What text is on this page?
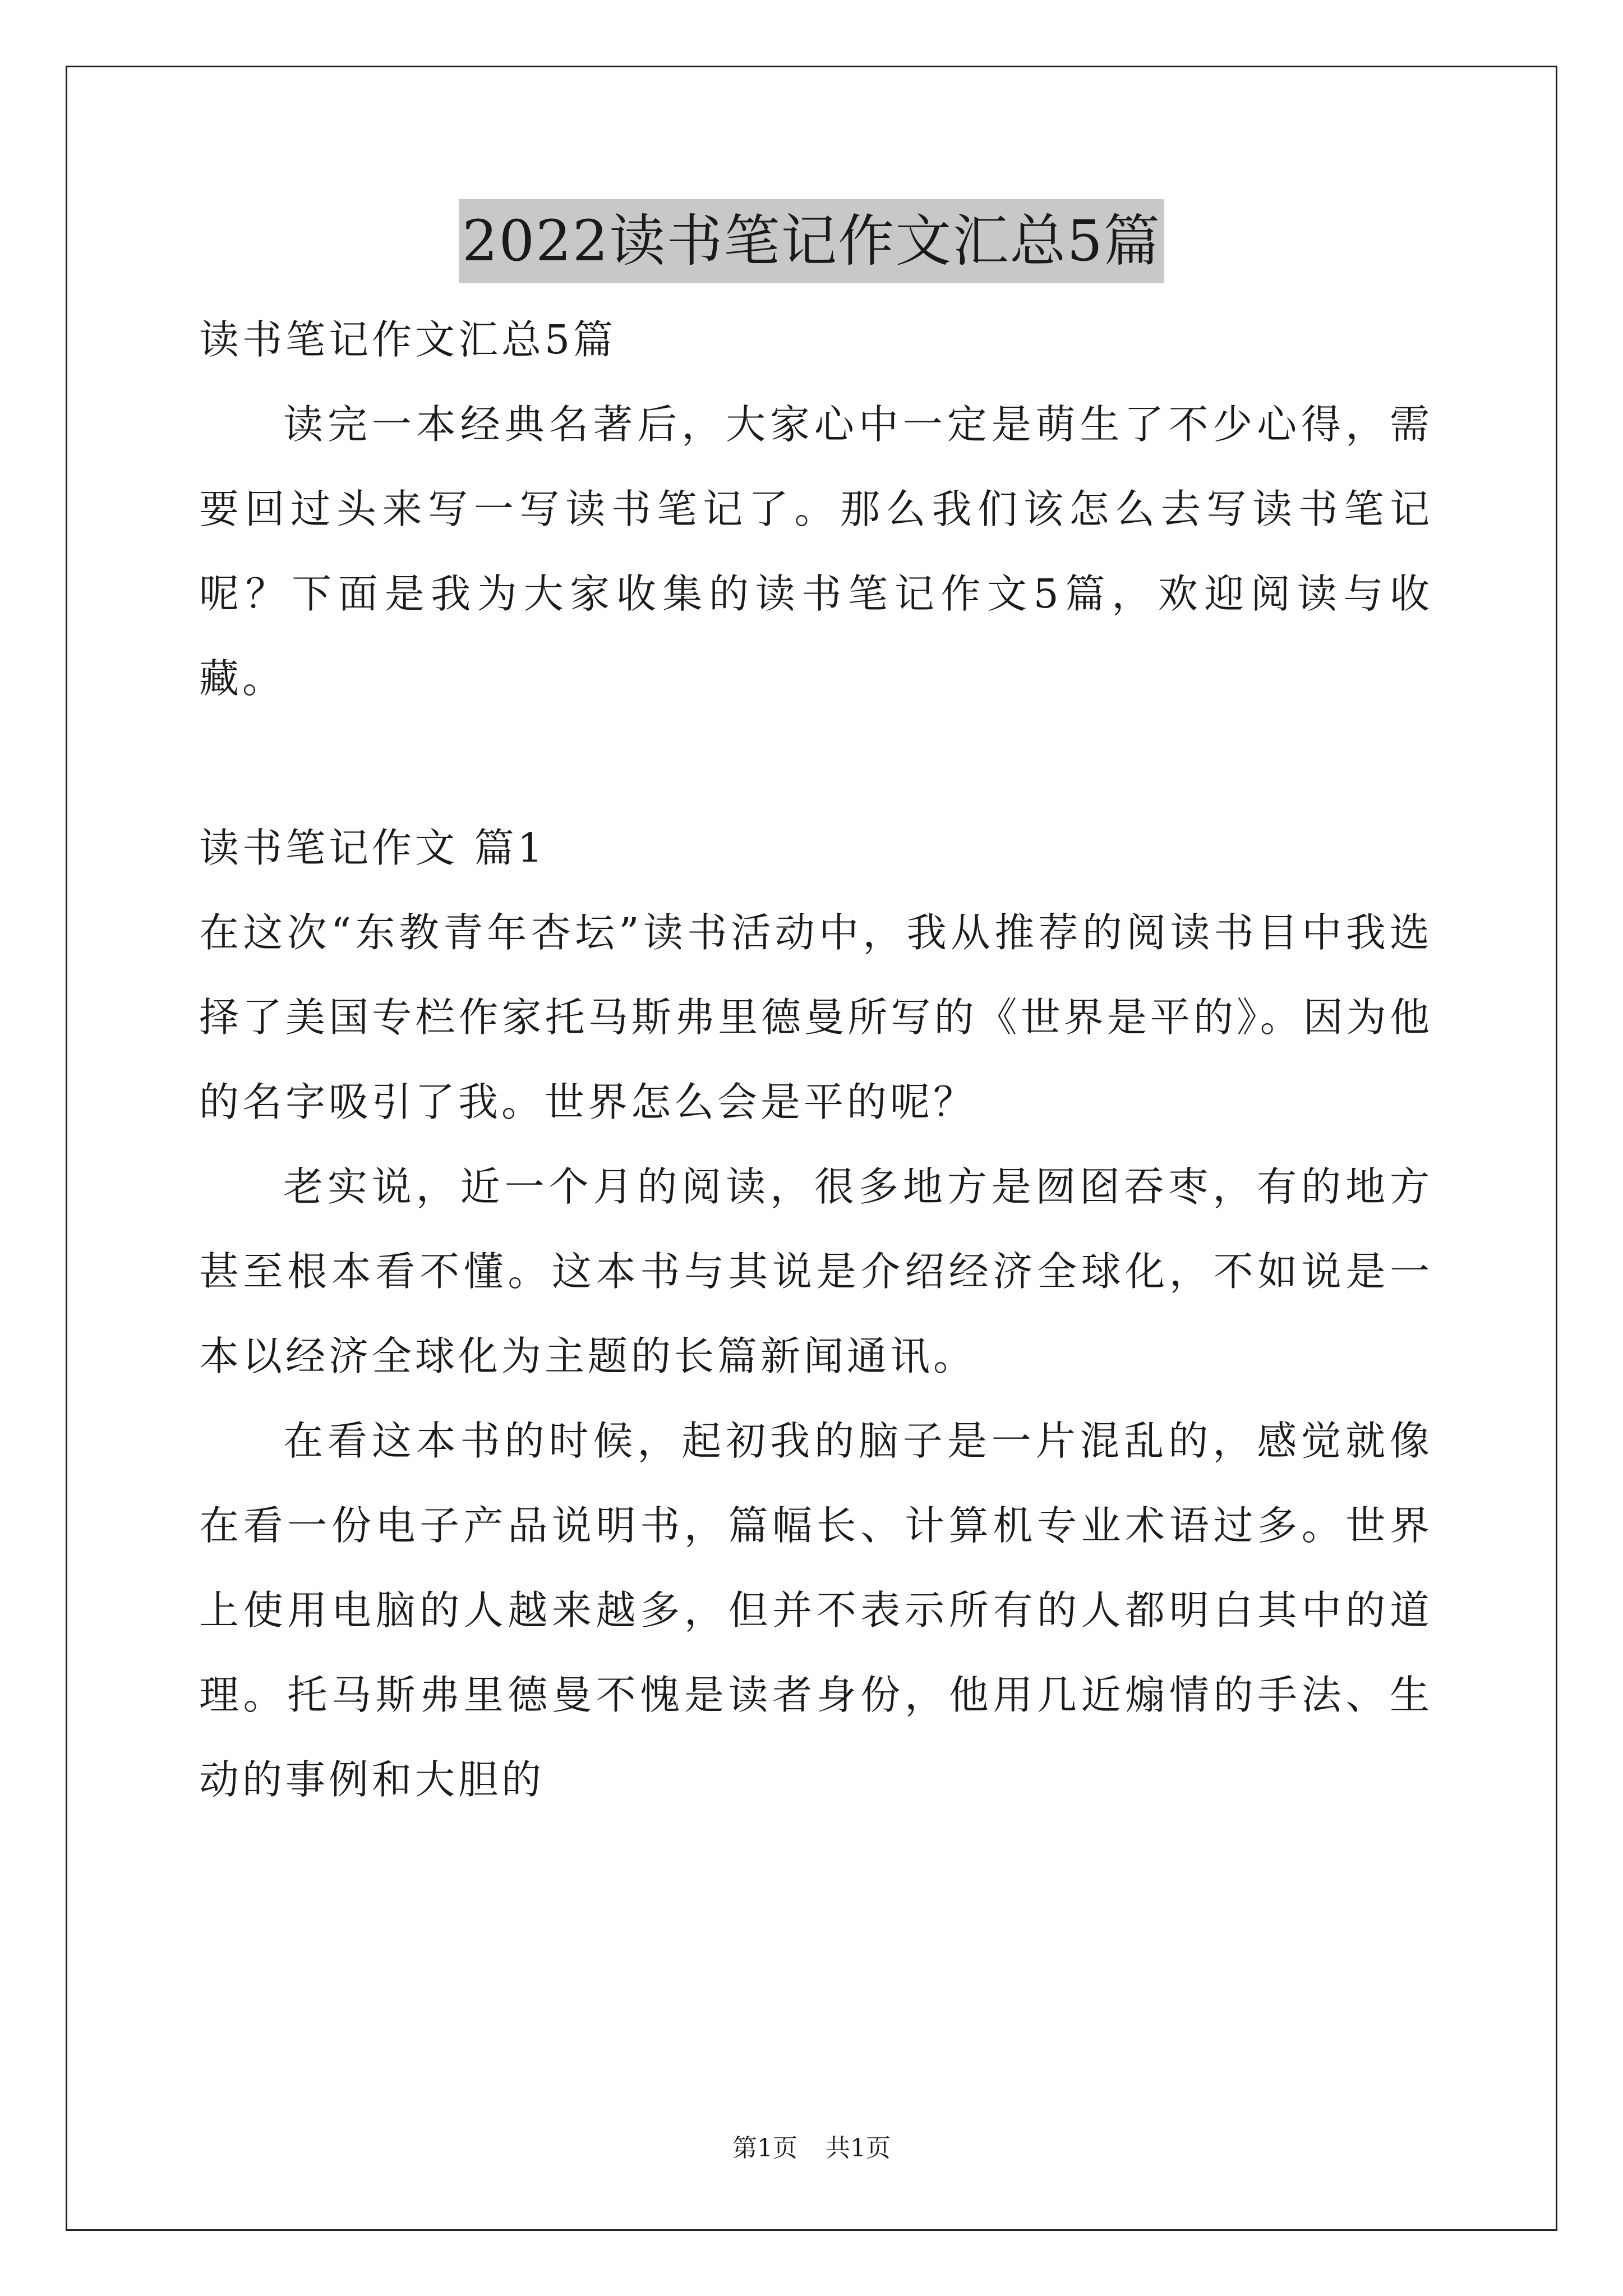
2022读书笔记作文汇总5篇

读书笔记作文汇总5篇

读完一本经典名著后，大家心中一定是萌生了不少心得，需要回过头来写一写读书笔记了。那么我们该怎么去写读书笔记呢？下面是我为大家收集的读书笔记作文5篇，欢迎阅读与收藏。

读书笔记作文 篇1

在这次“东教青年杏坛”读书活动中，我从推荐的阅读书目中我选择了美国专栏作家托马斯弗里德曼所写的《世界是平的》。因为他的名字吸引了我。世界怎么会是平的呢？

老实说，近一个月的阅读，很多地方是囫囵吞枣，有的地方甚至根本看不懂。这本书与其说是介绍经济全球化，不如说是一本以经济全球化为主题的长篇新闻通讯。

在看这本书的时候，起初我的脑子是一片混乱的，感觉就像在看一份电子产品说明书，篇幅长、计算机专业术语过多。世界上使用电脑的人越来越多，但并不表示所有的人都明白其中的道理。托马斯弗里德曼不愧是读者身份，他用几近煽情的手法、生动的事例和大胆的

第1页 共1页
